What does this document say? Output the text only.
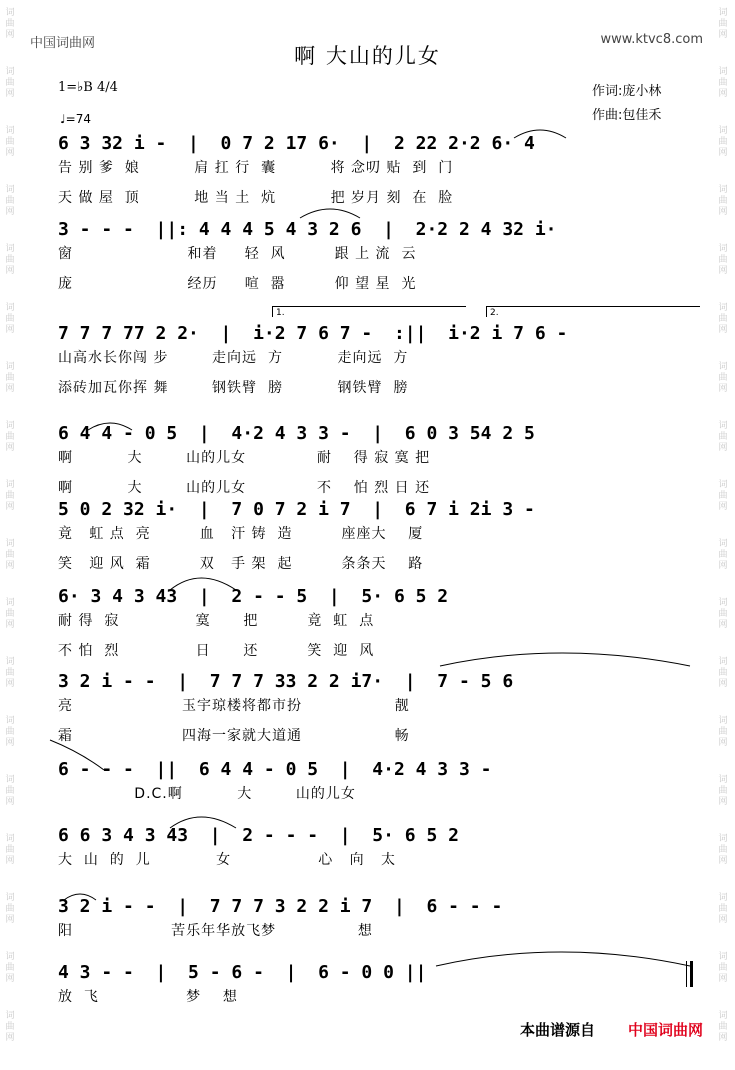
词
曲
网
词
曲
网
词
曲
网
词
曲
网
词
曲
网
词
曲
网
词
曲
网
词
曲
网
词
曲
网
词
曲
网
词
曲
网
词
曲
网
词
曲
网
词
曲
网
词
曲
网
词
曲
网
词
曲
网
词
曲
网
词
曲
网
词
曲
网
词
曲
网
词
曲
网
词
曲
网
词
曲
网
词
曲
网
词
曲
网
词
曲
网
词
曲
网
词
曲
网
词
曲
网
词
曲
网
词
曲
网
词
曲
网
词
曲
网
词
曲
网
词
曲
网
中国词曲网	www.ktvc8.com
啊 大山的儿女
1=♭B 4/4
♩=74
作词:庞小林
作曲:包佳禾
6 3 32 i -  |  0 7 2 17 6·  |  2 22 2·2 6· 4
告 别 爹  娘          肩 扛 行  囊          将 念叨 贴  到  门
天 做 屋  顶          地 当 土  炕          把 岁月 刻  在  脸
3 - - -  ||: 4 4 4 5 4 3 2 6  |  2·2 2 4 32 i·
窗                     和着     轻  风         跟 上 流  云
庞                     经历     喧  嚣         仰 望 星  光
1.	2.
7 7 7 77 2 2·  |  i·2 7 6 7 -  :||  i·2 i 7 6 -
山高水长你闯 步        走向远  方          走向远  方
添砖加瓦你挥 舞        钢铁臂  膀          钢铁臂  膀
6 4 4 - 0 5  |  4·2 4 3 3 -  |  6 0 3 54 2 5
啊          大        山的儿女             耐    得 寂 寞 把
啊          大        山的儿女             不    怕 烈 日 还
5 0 2 32 i·  |  7 0 7 2 i 7  |  6 7 i 2i 3 -
竟   虹 点  亮         血   汗 铸  造         座座大    厦
笑   迎 风  霜         双   手 架  起         条条天    路
6· 3 4 3 43  |  2 - - 5  |  5· 6 5 2
耐 得  寂              寞      把         竟  虹  点
不 怕  烈              日      还         笑  迎  风
3 2 i - -  |  7 7 7 33 2 2 i7·  |  7 - 5 6
亮                    玉宇琼楼将都市扮                 靓
霜                    四海一家就大道通                 畅
6 - - -  ||  6 4 4 - 0 5  |  4·2 4 3 3 -
D.C.啊          大        山的儿女
6 6 3 4 3 43  |  2 - - -  |  5· 6 5 2
大  山  的  儿            女                心   向   太
3 2 i - -  |  7 7 7 3 2 2 i 7  |  6 - - -
阳                  苦乐年华放飞梦               想
4 3 - -  |  5 - 6 -  |  6 - 0 0 ||
放  飞                梦    想
本曲谱源自 中国词曲网
